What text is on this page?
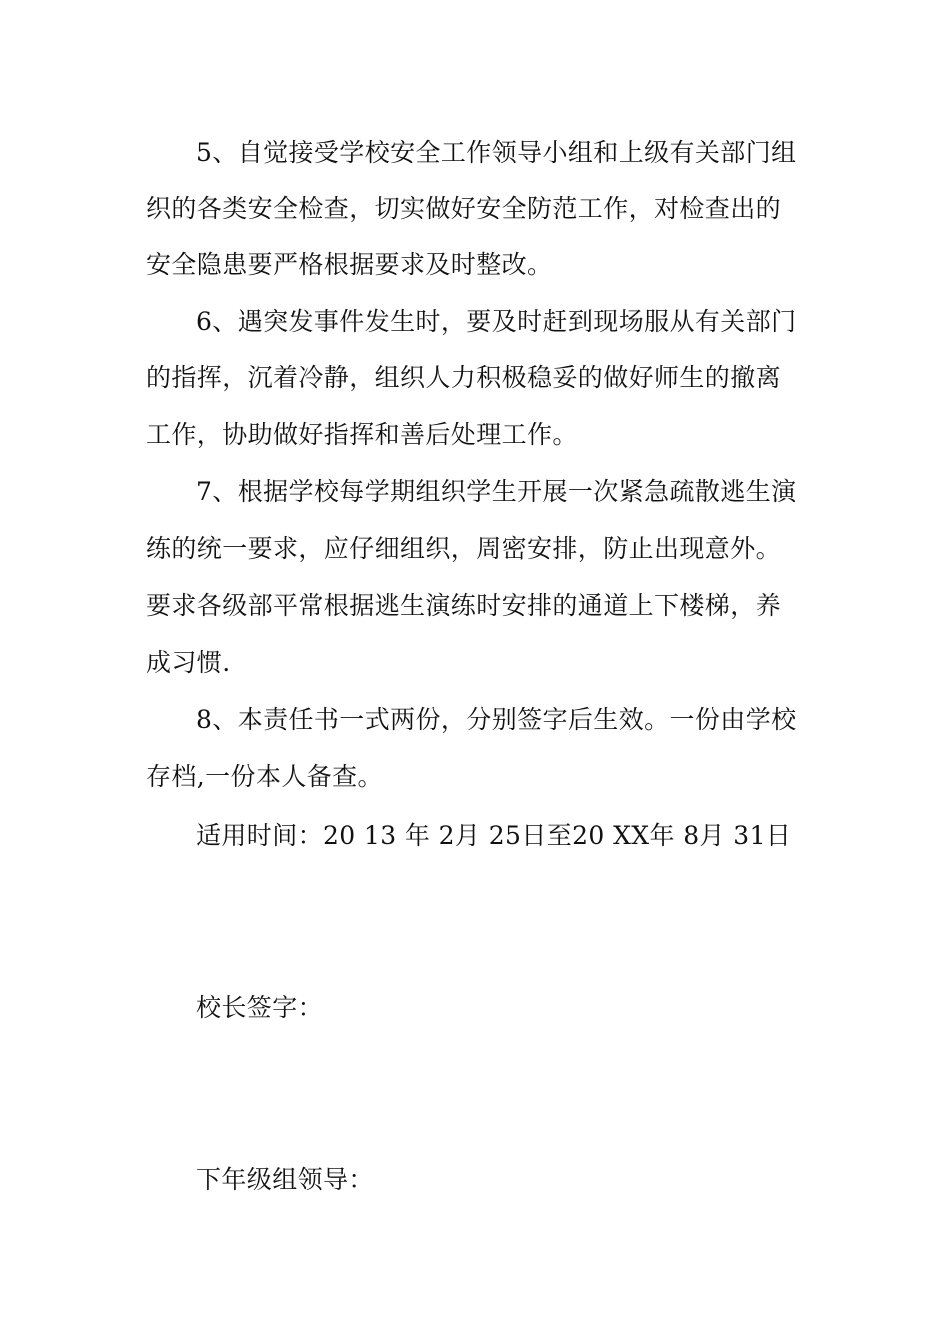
5、自觉接受学校安全工作领导小组和上级有关部门组
织的各类安全检查，切实做好安全防范工作，对检查出的
安全隐患要严格根据要求及时整改。
6、遇突发事件发生时，要及时赶到现场服从有关部门
的指挥，沉着冷静，组织人力积极稳妥的做好师生的撤离
工作，协助做好指挥和善后处理工作。
7、根据学校每学期组织学生开展一次紧急疏散逃生演
练的统一要求，应仔细组织，周密安排，防止出现意外。
要求各级部平常根据逃生演练时安排的通道上下楼梯，养
成习惯.
8、本责任书一式两份，分别签字后生效。一份由学校
存档,一份本人备查。
适用时间：20 13 年 2月 25日至20 XX年 8月 31日
校长签字：
下年级组领导：
